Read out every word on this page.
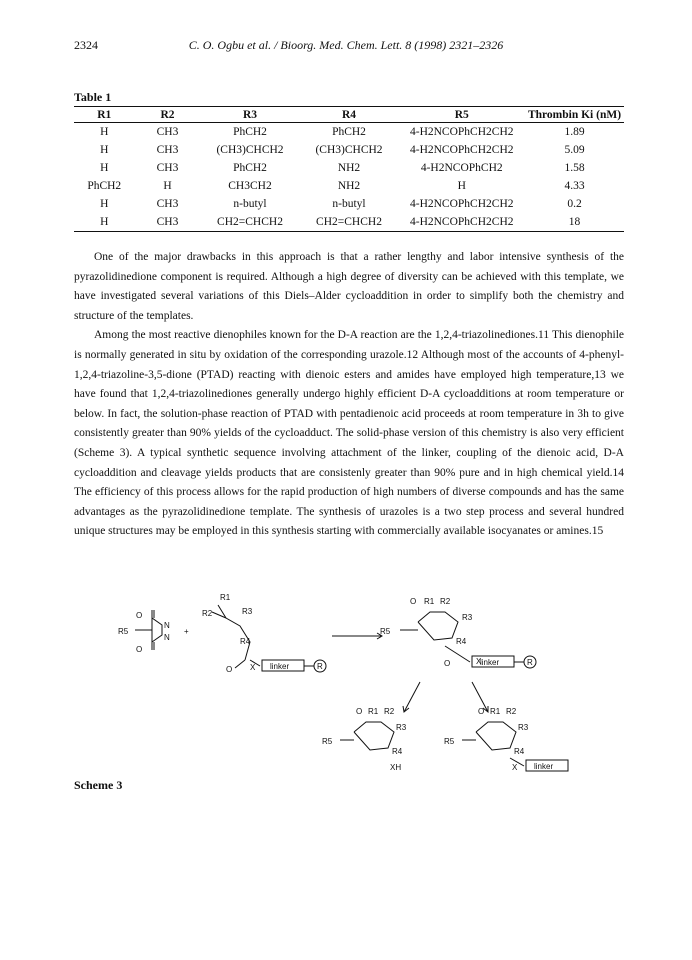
2324	C. O. Ogbu et al. / Bioorg. Med. Chem. Lett. 8 (1998) 2321–2326
Table 1
R1	R2	R3	R4	R5	Thrombin Ki (nM)
H	CH3	PhCH2	PhCH2	4-H2NCOPhCH2CH2	1.89
H	CH3	(CH3)CHCH2	(CH3)CHCH2	4-H2NCOPhCH2CH2	5.09
H	CH3	PhCH2	NH2	4-H2NCOPhCH2	1.58
PhCH2	H	CH3CH2	NH2	H	4.33
H	CH3	n-butyl	n-butyl	4-H2NCOPhCH2CH2	0.2
H	CH3	CH2=CHCH2	CH2=CHCH2	4-H2NCOPhCH2CH2	18

One of the major drawbacks in this approach is that a rather lengthy and labor intensive synthesis of the pyrazolidinedione component is required. Although a high degree of diversity can be achieved with this template, we have investigated several variations of this Diels–Alder cycloaddition in order to simplify both the chemistry and structure of the templates.

Among the most reactive dienophiles known for the D-A reaction are the 1,2,4-triazolinediones.11 This dienophile is normally generated in situ by oxidation of the corresponding urazole.12 Although most of the accounts of 4-phenyl-1,2,4-triazoline-3,5-dione (PTAD) reacting with dienoic esters and amides have employed high temperature,13 we have found that 1,2,4-triazolinediones generally undergo highly efficient D-A cycloadditions at room temperature or below. In fact, the solution-phase reaction of PTAD with pentadienoic acid proceeds at room temperature in 3h to give consistently greater than 90% yields of the cycloadduct. The solid-phase version of this chemistry is also very efficient (Scheme 3). A typical synthetic sequence involving attachment of the linker, coupling of the dienoic acid, D-A cycloaddition and cleavage yields products that are consistenly greater than 90% pure and in high chemical yield.14 The efficiency of this process allows for the rapid production of high numbers of diverse compounds and has the same advantages as the pyrazolidinedione template. The synthesis of urazoles is a two step process and several hundred unique structures may be employed in this synthesis starting with commercially available isocyanates or amines.15

O
R5
N
N
O
+
R1
R2	R3
R4
O X linker	R
O R1 R2
R3
R5
R4
O	X
linker	R
O R1 R2
R3
R5
R4
XH
O R1 R2
R3
R5
R4
X linker
Scheme 3
